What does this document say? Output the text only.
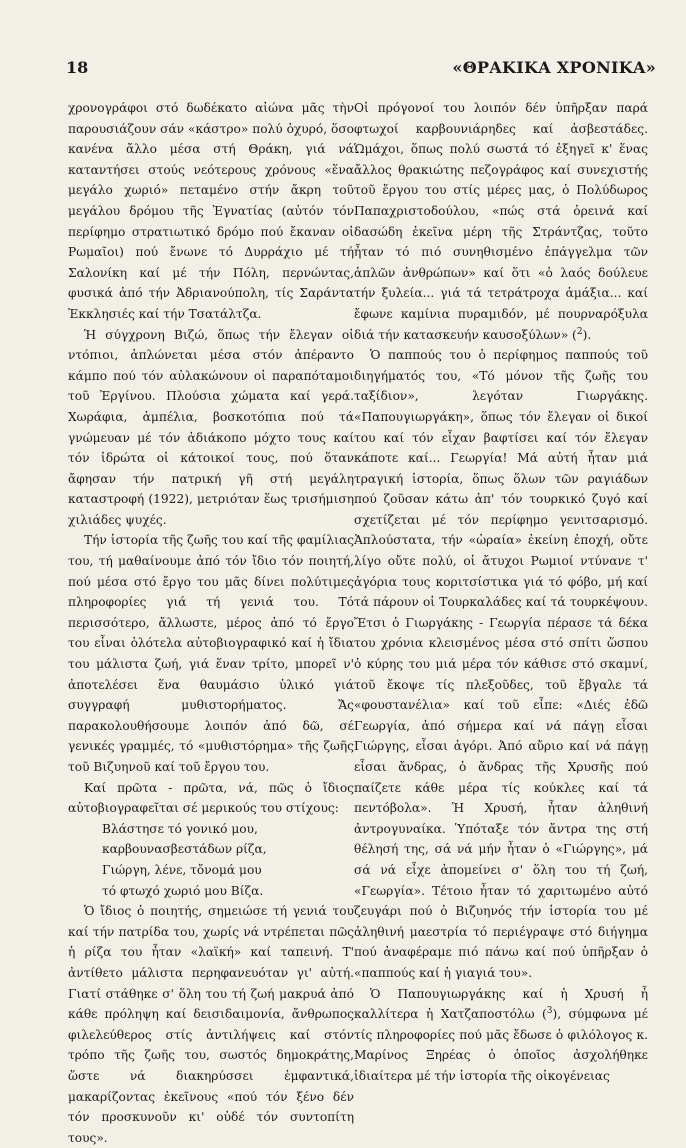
18	«ΘΡΑΚΙΚΑ ΧΡΟΝΙΚΑ»

χρονογράφοι στό δωδέκατο αἰώνα μᾶς τὴν παρουσιάζουν σάν «κάστρο» πολύ ὀχυρό, ὅσο κανένα ἄλλο μέσα στή Θράκη, γιά νά καταντήσει στούς νεότερους χρόνους «ἕνα μεγάλο χωριό» πεταμένο στήν ἄκρη τοῦ μεγάλου δρόμου τῆς Ἐγνατίας (αὐτόν τόν περίφημο στρατιωτικό δρόμο πού ἔκαναν οἱ Ρωμαῖοι) πού ἔνωνε τό Δυρράχιο μέ τή Σαλονίκη καί μέ τήν Πόλη, περνώντας, φυσικά ἀπό τήν Ἀδριανούπολη, τίς Σαράντα Ἐκκλησιές καί τήν Τσατάλτζα.

Ἡ σύγχρονη Βιζώ, ὅπως τήν ἔλεγαν οἱ ντόπιοι, ἁπλώνεται μέσα στόν ἀπέραντο κάμπο πού τόν αὐλακώνουν οἱ παραπόταμοι τοῦ Ἐργίνου. Πλούσια χώματα καί γερά. Χωράφια, ἀμπέλια, βοσκοτόπια πού τά γνώμευαν μέ τόν ἀδιάκοπο μόχτο τους καί τόν ἱδρώτα οἱ κάτοικοί τους, πού ὅταν ἄφησαν τήν πατρική γῆ στή μεγάλη καταστροφή (1922), μετριόταν ἕως τρισήμιση χιλιάδες ψυχές.

Τήν ἱστορία τῆς ζωῆς του καί τῆς φαμίλιας του, τή μαθαίνουμε ἀπό τόν ἴδιο τόν ποιητή, πού μέσα στό ἔργο του μᾶς δίνει πολύτιμες πληροφορίες γιά τή γενιά του. Τό περισσότερο, ἄλλωστε, μέρος ἀπό τό ἔργο του εἶναι ὁλότελα αὐτοβιογραφικό καί ἡ ἴδια του μάλιστα ζωή, γιά ἕναν τρίτο, μπορεῖ ν' ἀποτελέσει ἕνα θαυμάσιο ὑλικό γιά συγγραφή μυθιστορήματος. Ἄς παρακολουθήσουμε λοιπόν ἀπό δῶ, σέ γενικές γραμμές, τό «μυθιστόρημα» τῆς ζωῆς τοῦ Βιζυηνοῦ καί τοῦ ἔργου του.

Καί πρῶτα - πρῶτα, νά, πῶς ὁ ἴδιος αὐτοβιογραφεῖται σέ μερικούς του στίχους:

Βλάστησε τό γονικό μου,
καρβουνασβεστάδων ρίζα,
Γιώργη, λένε, τὄνομά μου
τό φτωχό χωριό μου Βίζα.

Ὁ ἴδιος ὁ ποιητής, σημειώσε τή γενιά του καί τήν πατρίδα του, χωρίς νά ντρέπεται πῶς ἡ ρίζα του ἦταν «λαϊκή» καί ταπεινή. Τ' ἀντίθετο μάλιστα περηφανευόταν γι' αὐτή. Γιατί στάθηκε σ' ὅλη του τή ζωή μακρυά ἀπό κάθε πρόληψη καί δεισιδαιμονία, ἄνθρωπος φιλελεύθερος στίς ἀντιλήψεις καί στόν τρόπο τῆς ζωῆς του, σωστός δημοκράτης, ὥστε νά διακηρύσσει ἐμφαντικά, μακαρίζοντας ἐκεῖνους «πού τόν ξένο δέν τόν προσκυνοῦν κι' οὐδέ τόν συντοπίτη τους».

Οἱ πρόγονοί του λοιπόν δέν ὑπῆρξαν παρά φτωχοί καρβουνιάρηδες καί ἀσβεστάδες. Ὡμάχοι, ὅπως πολύ σωστά τό ἐξηγεῖ κ' ἕνας ἄλλος θρακιώτης πεζογράφος καί συνεχιστής τοῦ ἔργου του στίς μέρες μας, ὁ Πολύδωρος Παπαχριστοδούλου, «πώς στά ὀρεινά καί δασώδη ἐκεῖνα μέρη τῆς Στράντζας, τοῦτο ἦταν τό πιό συνηθισμένο ἐπάγγελμα τῶν ἁπλῶν ἀνθρώπων» καί ὅτι «ὁ λαός δούλευε τήν ξυλεία... γιά τά τετράτροχα ἁμάξια... καί ἔφωνε καμίνια πυραμιδόν, μέ πουρναρόξυλα διά τήν κατασκευήν καυσοξύλων» ($^2$).

Ὁ παππούς του ὁ περίφημος παππούς τοῦ διηγήματός του, «Τό μόνον τῆς ζωῆς του ταξίδιον», λεγόταν Γιωργάκης. «Παπουγιωργάκη», ὅπως τόν ἔλεγαν οἱ δικοί του καί τόν εἶχαν βαφτίσει καί τόν ἔλεγαν κάποτε καί... Γεωργία! Μά αὐτή ἦταν μιά τραγική ἱστορία, ὅπως ὅλων τῶν ραγιάδων πού ζοῦσαν κάτω ἀπ' τόν τουρκικό ζυγό καί σχετίζεται μέ τόν περίφημο γενιτσαρισμό. Ἁπλούστατα, τήν «ὡραία» ἐκείνη ἐποχή, οὔτε λίγο οὔτε πολύ, οἱ ἄτυχοι Ρωμιοί ντύνανε τ' ἀγόρια τους κοριτσίστικα γιά τό φόβο, μή καί τά πάρουν οἱ Τουρκαλάδες καί τά τουρκέψουν. Ἔτσι ὁ Γιωργάκης - Γεωργία πέρασε τά δέκα του χρόνια κλεισμένος μέσα στό σπίτι ὥσπου ὁ κύρης του μιά μέρα τόν κάθισε στό σκαμνί, τοῦ ἔκοψε τίς πλεξοῦδες, τοῦ ἔβγαλε τά «φουστανέλια» καί τοῦ εἶπε: «Διές ἐδῶ Γεωργία, ἀπό σήμερα καί νά πάγῃ εἶσαι Γιώργης, εἶσαι ἀγόρι. Ἀπό αὔριο καί νά πάγῃ εἶσαι ἄνδρας, ὁ ἄνδρας τῆς Χρυσῆς πού παίζετε κάθε μέρα τίς κούκλες καί τά πεντόβολα». Ἡ Χρυσή, ἦταν ἀληθινή ἀντρογυναίκα. Ὑπόταξε τόν ἄντρα της στή θέλησή της, σά νά μήν ἦταν ὁ «Γιώργης», μά σά νά εἶχε ἀπομείνει σ' ὅλη του τή ζωή, «Γεωργία». Τέτοιο ἦταν τό χαριτωμένο αὐτό ζευγάρι πού ὁ Βιζυηνός τήν ἱστορία του μέ ἀληθινή μαεστρία τό περιέγραψε στό διήγημα πού ἀναφέραμε πιό πάνω καί πού ὑπῆρξαν ὁ «παππούς καί ἡ γιαγιά του».

Ὁ Παπουγιωργάκης καί ἡ Χρυσή ἦ καλλίτερα ἡ Χατζαποστόλω ($^3$), σύμφωνα μέ τίς πληροφορίες πού μᾶς ἔδωσε ὁ φιλόλογος κ. Μαρίνος Ξηρέας ὁ ὁποῖος ἀσχολήθηκε ἰδιαίτερα μέ τήν ἱστορία τῆς οἰκογένειας
